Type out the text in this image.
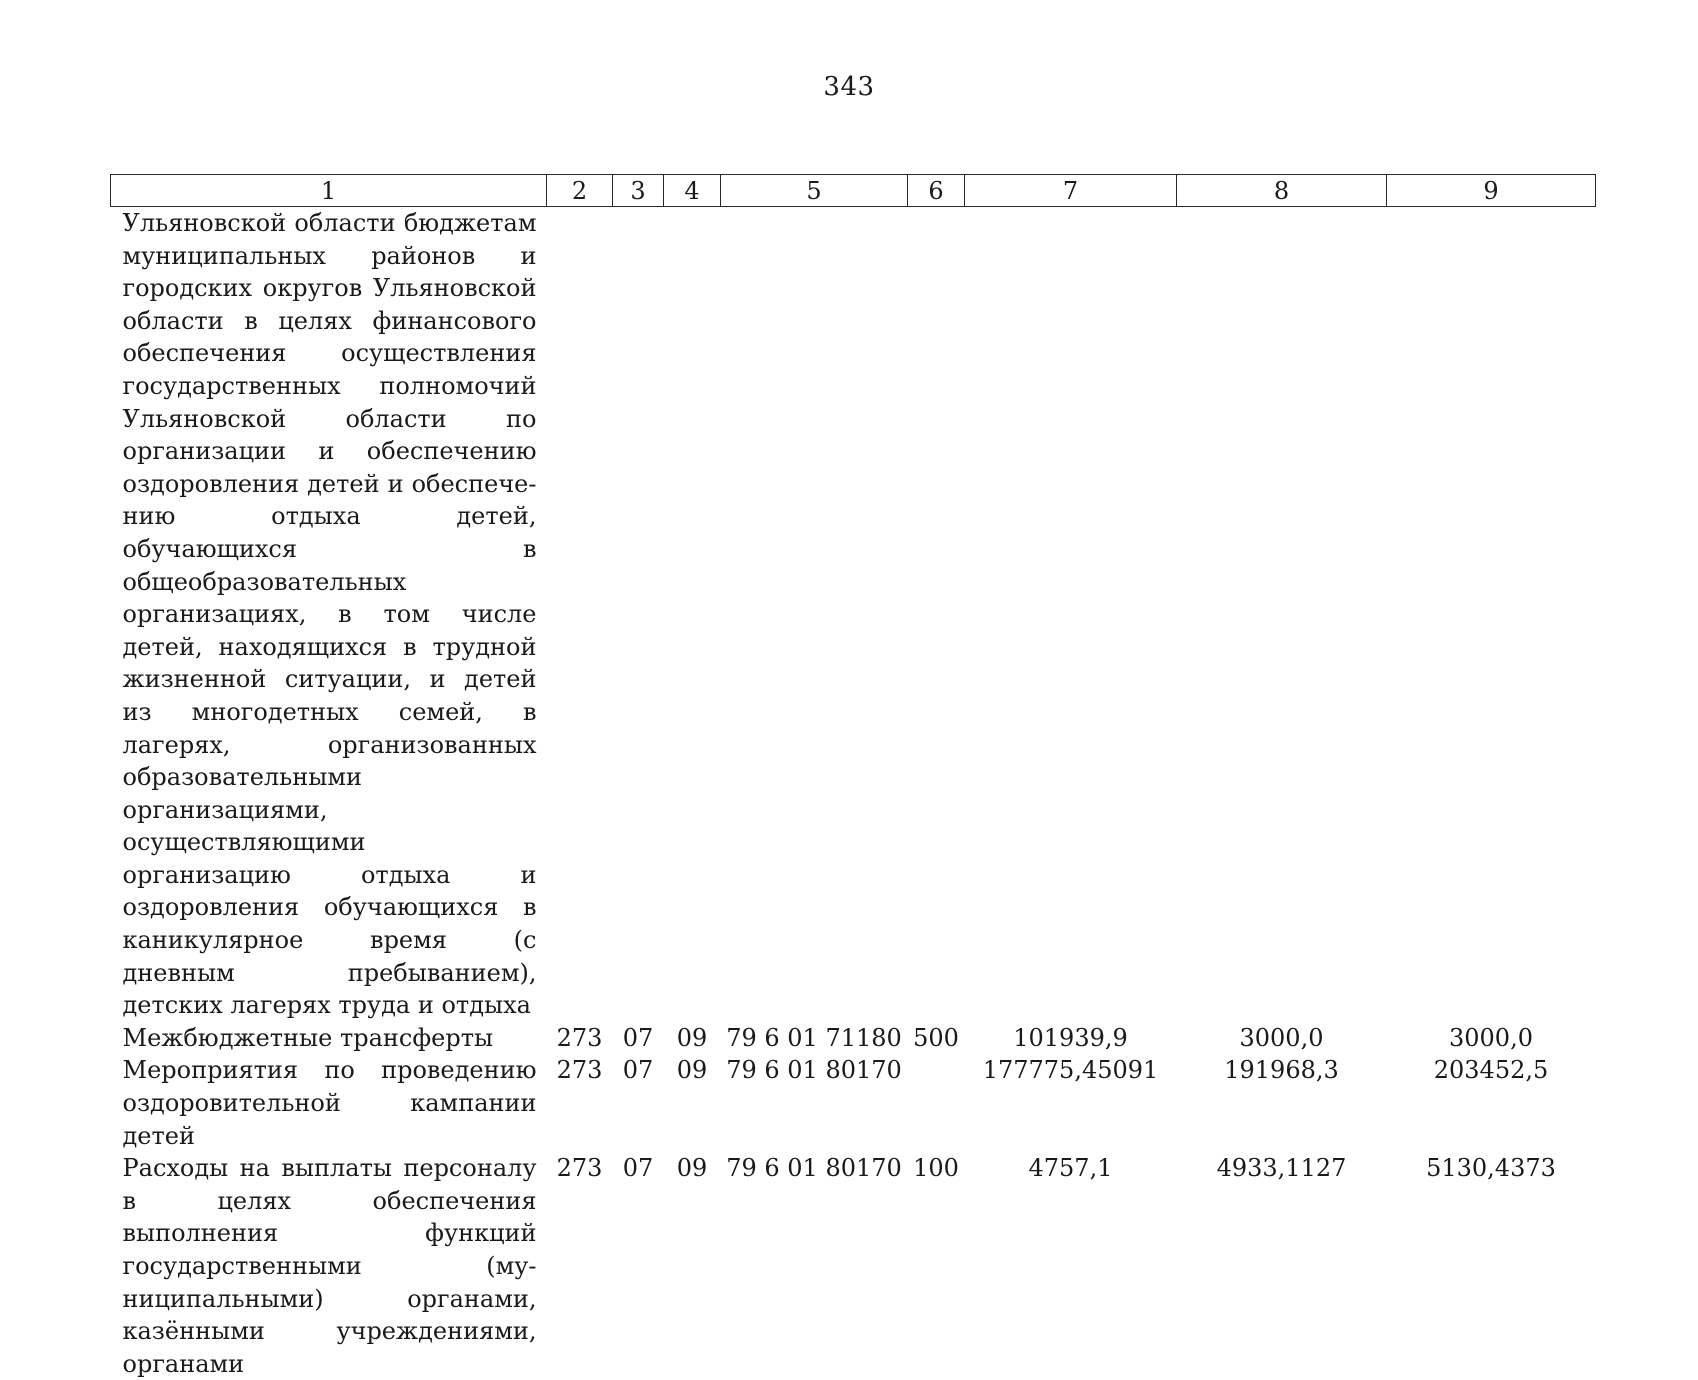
343
1	2	3	4	5	6	7	8	9
Ульяновской области бюджетам муниципальных районов и городских округов Ульяновской области в целях финансового обеспечения осуществления государственных полномочий Ульяновской области по организации и обеспечению оздоровления детей и обеспечению отдыха детей, обучающихся в общеобразовательных организациях, в том числе детей, находящихся в трудной жизненной ситуации, и детей из многодетных семей, в лагерях, организованных образовательными организациями, осуществляющими организацию отдыха и оздоровления обучающихся в каникулярное время (с дневным пребыванием), детских лагерях труда и отдыха								
Межбюджетные трансферты	273	07	09	79 6 01 71180	500	101939,9	3000,0	3000,0
Мероприятия по проведению оздоровительной кампании детей	273	07	09	79 6 01 80170		177775,45091	191968,3	203452,5
Расходы на выплаты персоналу в целях обеспечения выполнения функций государственными (муниципальными) органами, казёнными учреждениями, органами	273	07	09	79 6 01 80170	100	4757,1	4933,1127	5130,4373
